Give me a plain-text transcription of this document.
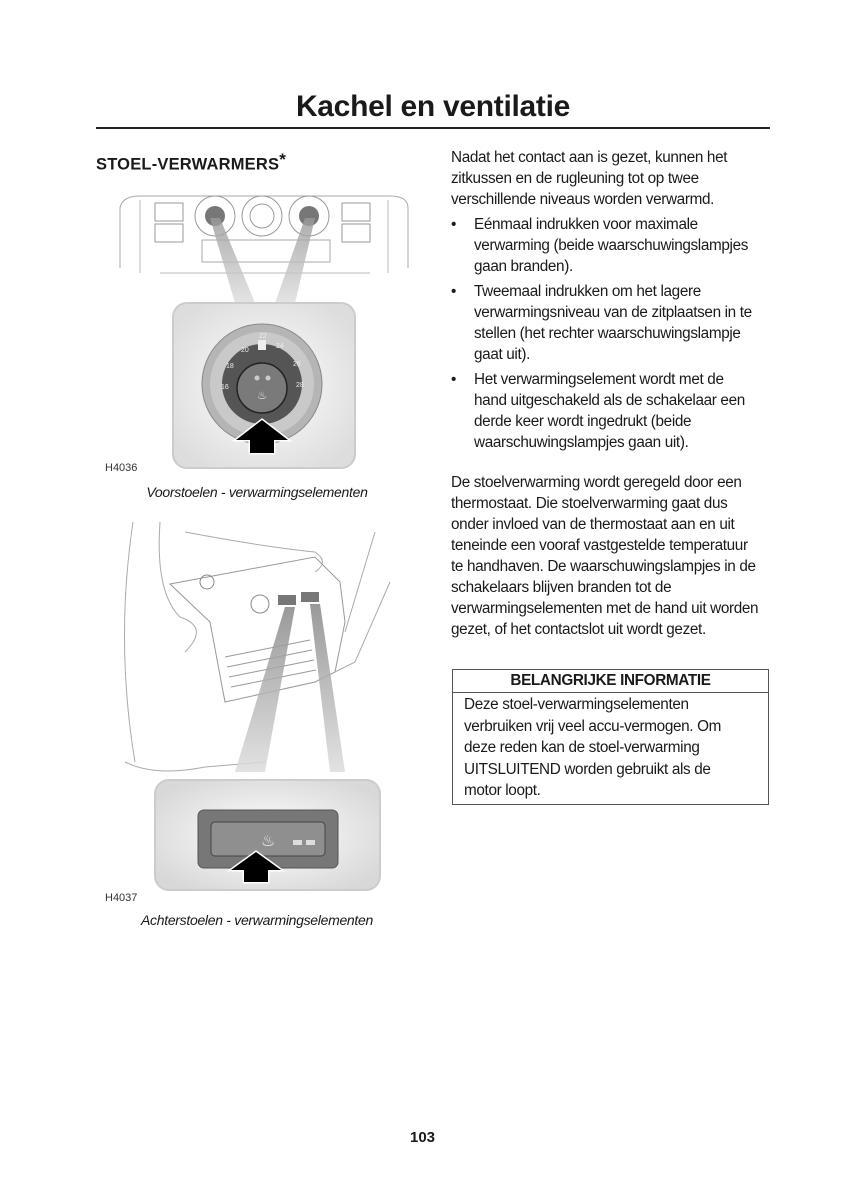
Kachel en ventilatie
STOEL-VERWARMERS*
♨
16
18
20
22
24
26
28
H4036
Voorstoelen - verwarmingselementen
♨
H4037
Achterstoelen - verwarmingselementen
Nadat het contact aan is gezet, kunnen het
zitkussen en de rugleuning tot op twee
verschillende niveaus worden verwarmd.
• Eénmaal indrukken voor maximale
verwarming (beide waarschuwingslampjes
gaan branden).
• Tweemaal indrukken om het lagere
verwarmingsniveau van de zitplaatsen in te
stellen (het rechter waarschuwingslampje
gaat uit).
• Het verwarmingselement wordt met de
hand uitgeschakeld als de schakelaar een
derde keer wordt ingedrukt (beide
waarschuwingslampjes gaan uit).
De stoelverwarming wordt geregeld door een
thermostaat. Die stoelverwarming gaat dus
onder invloed van de thermostaat aan en uit
teneinde een vooraf vastgestelde temperatuur
te handhaven. De waarschuwingslampjes in de
schakelaars blijven branden tot de
verwarmingselementen met de hand uit worden
gezet, of het contactslot uit wordt gezet.
BELANGRIJKE INFORMATIE
Deze stoel-verwarmingselementen
verbruiken vrij veel accu-vermogen. Om
deze reden kan de stoel-verwarming
UITSLUITEND worden gebruikt als de
motor loopt.
103
